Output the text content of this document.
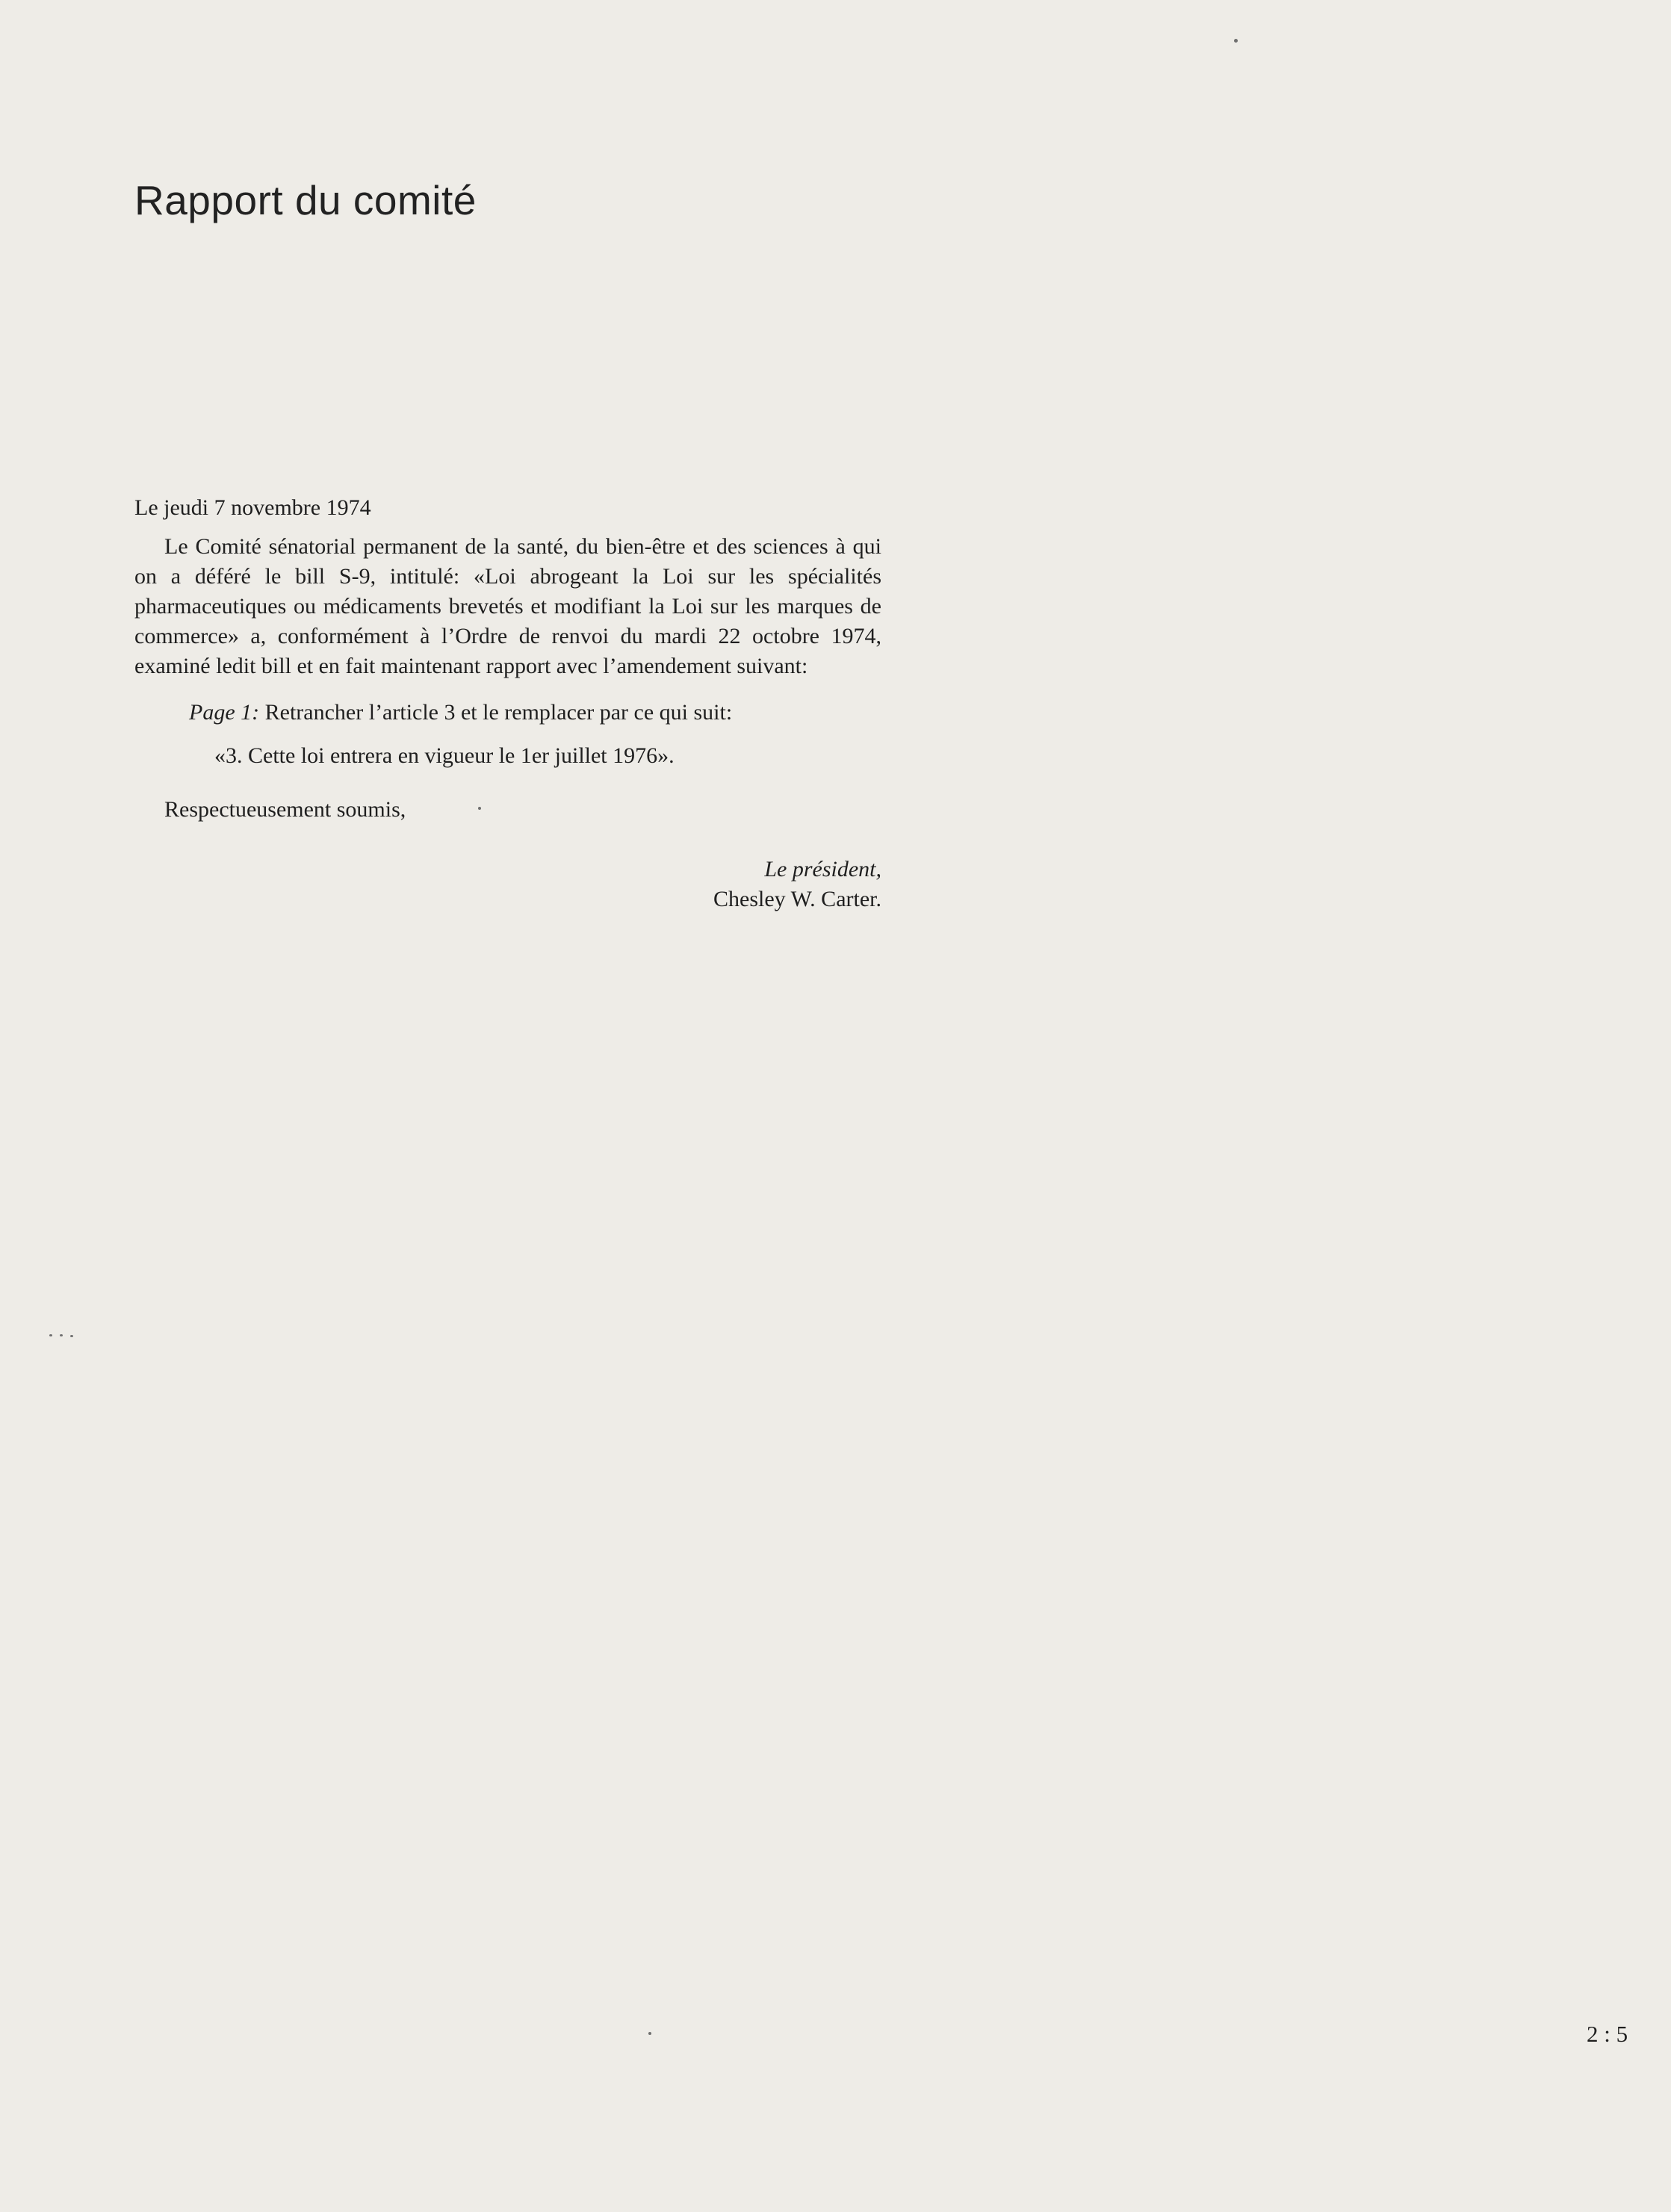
Rapport du comité

Le jeudi 7 novembre 1974

Le Comité sénatorial permanent de la santé, du bien-être et des sciences à qui on a déféré le bill S-9, intitulé: «Loi abrogeant la Loi sur les spécialités pharmaceutiques ou médicaments brevetés et modifiant la Loi sur les marques de commerce» a, conformément à l’Ordre de renvoi du mardi 22 octobre 1974, examiné ledit bill et en fait maintenant rapport avec l’amendement suivant:

Page 1: Retrancher l’article 3 et le remplacer par ce qui suit:

«3. Cette loi entrera en vigueur le 1er juillet 1976».

Respectueusement soumis,

Le président,
Chesley W. Carter.
2 : 5
